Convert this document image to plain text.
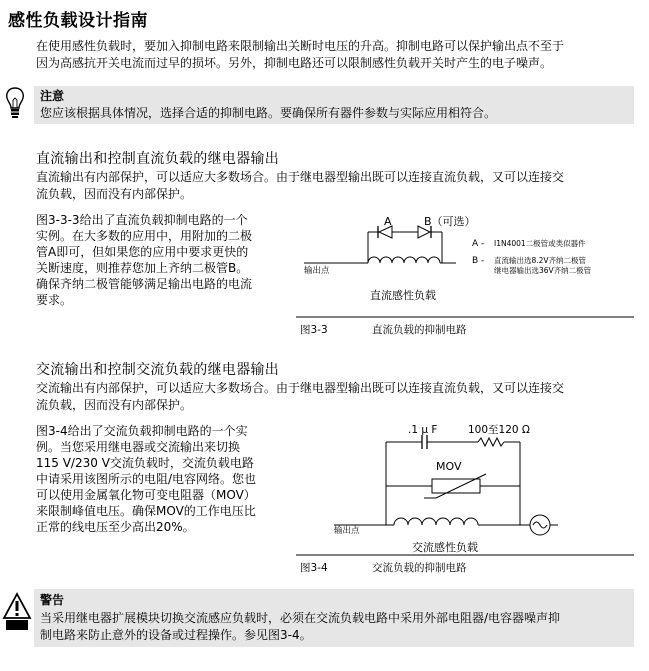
感性负载设计指南
在使用感性负载时，要加入抑制电路来限制输出关断时电压的升高。抑制电路可以保护输出点不至于
因为高感抗开关电流而过早的损坏。另外，抑制电路还可以限制感性负载开关时产生的电子噪声。
注意
您应该根据具体情况，选择合适的抑制电路。要确保所有器件参数与实际应用相符合。
直流输出和控制直流负载的继电器输出
直流输出有内部保护，可以适应大多数场合。由于继电器型输出既可以连接直流负载，又可以连接交
流负载，因而没有内部保护。
图3-3-3给出了直流负载抑制电路的一个
实例。在大多数的应用中，用附加的二极
管A即可，但如果您的应用中要求更快的
关断速度，则推荐您加上齐纳二极管B。
确保齐纳二极管能够满足输出电路的电流
要求。
A	B（可选）
输出点
A - I1N4001二极管或类似器件
B - 直流输出选8.2V齐纳二极管
继电器输出选36V齐纳二极管
直流感性负载
图3-3	直流负载的抑制电路
交流输出和控制交流负载的继电器输出
交流输出有内部保护，可以适应大多数场合。由于继电器型输出既可以连接直流负载，又可以连接交
流负载，因而没有内部保护。
图3-4给出了交流负载抑制电路的一个实
例。当您采用继电器或交流输出来切换
115 V/230 V交流负载时，交流负载电路
中请采用该图所示的电阻/电容网络。您也
可以使用金属氧化物可变电阻器（MOV）
来限制峰值电压。确保MOV的工作电压比
正常的线电压至少高出20%。
.1 μ F	100至120 Ω
MOV
输出点
交流感性负载
图3-4	交流负载的抑制电路
警告
当采用继电器扩展模块切换交流感应负载时，必须在交流负载电路中采用外部电阻器/电容器噪声抑
制电路来防止意外的设备或过程操作。参见图3-4。
